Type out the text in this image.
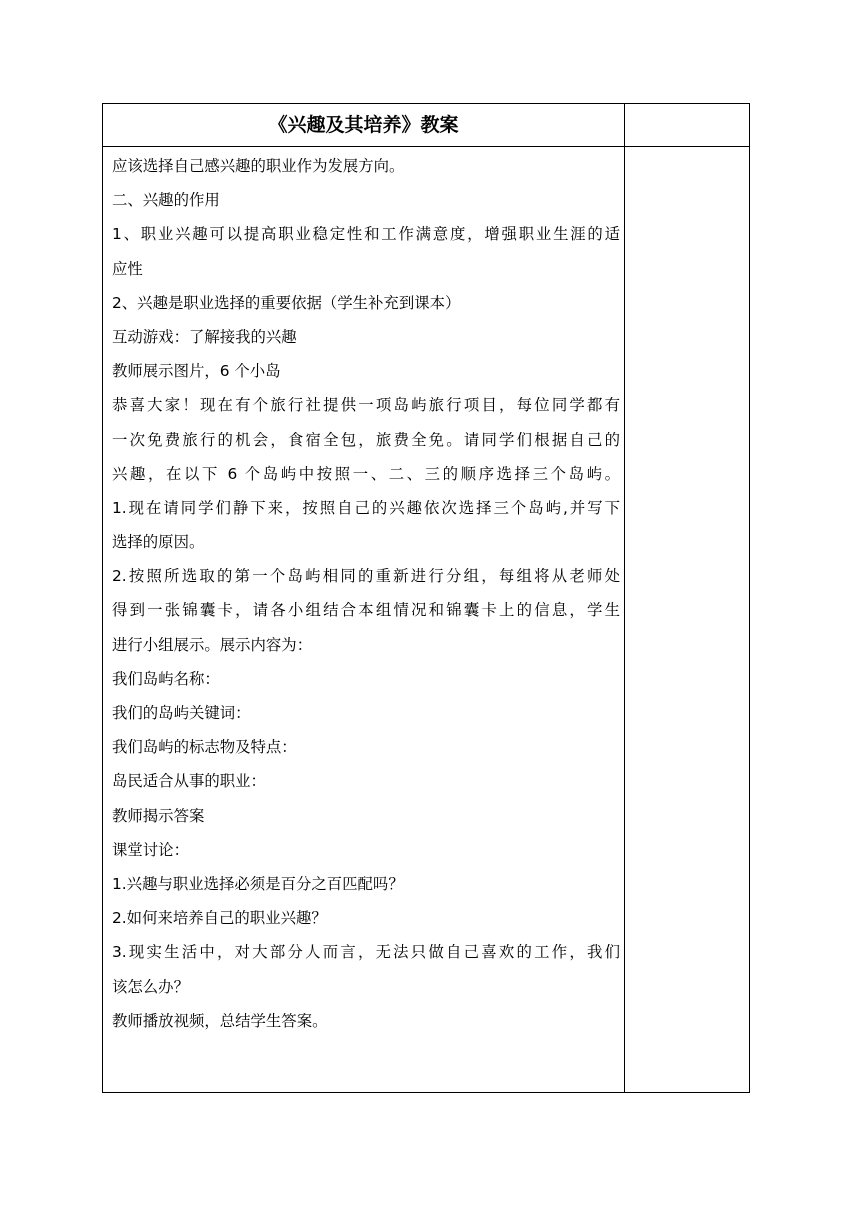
《兴趣及其培养》教案
应该选择自己感兴趣的职业作为发展方向。
二、兴趣的作用
1、职业兴趣可以提高职业稳定性和工作满意度，增强职业生涯的适
应性
2、兴趣是职业选择的重要依据（学生补充到课本）
互动游戏：了解接我的兴趣
教师展示图片，6 个小岛
恭喜大家！现在有个旅行社提供一项岛屿旅行项目，每位同学都有
一次免费旅行的机会，食宿全包，旅费全免。请同学们根据自己的
兴趣，在以下 6 个岛屿中按照一、二、三的顺序选择三个岛屿。
1.现在请同学们静下来，按照自己的兴趣依次选择三个岛屿,并写下
选择的原因。
2.按照所选取的第一个岛屿相同的重新进行分组，每组将从老师处
得到一张锦囊卡，请各小组结合本组情况和锦囊卡上的信息，学生
进行小组展示。展示内容为：
我们岛屿名称：
我们的岛屿关键词：
我们岛屿的标志物及特点：
岛民适合从事的职业：
教师揭示答案
课堂讨论：
1.兴趣与职业选择必须是百分之百匹配吗？
2.如何来培养自己的职业兴趣？
3.现实生活中，对大部分人而言，无法只做自己喜欢的工作，我们
该怎么办？
教师播放视频，总结学生答案。
